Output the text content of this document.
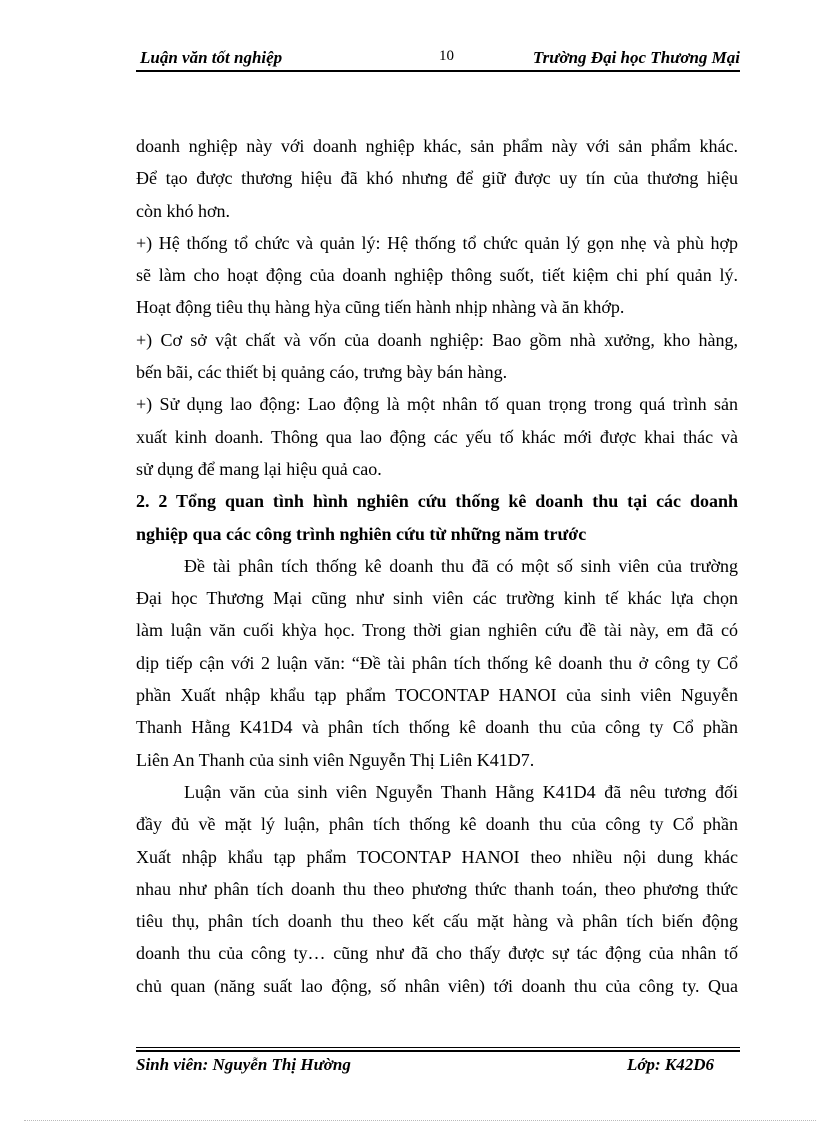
Luận văn tốt nghiệp	10	Trường Đại học Thương Mại
doanh nghiệp này với doanh nghiệp khác, sản phẩm này với sản phẩm khác.
Để tạo được thương hiệu đã khó nhưng để giữ được uy tín của thương hiệu
còn khó hơn.
+) Hệ thống tổ chức và quản lý: Hệ thống tổ chức quản lý gọn nhẹ và phù hợp
sẽ làm cho hoạt động của doanh nghiệp thông suốt, tiết kiệm chi phí quản lý.
Hoạt động tiêu thụ hàng hỳa cũng tiến hành nhịp nhàng và ăn khớp.
+) Cơ sở vật chất và vốn của doanh nghiệp: Bao gồm nhà xưởng, kho hàng,
bến bãi, các thiết bị quảng cáo, trưng bày bán hàng.
+) Sử dụng lao động: Lao động là một nhân tố quan trọng trong quá trình sản
xuất kinh doanh. Thông qua lao động các yếu tố khác mới được khai thác và
sử dụng để mang lại hiệu quả cao.
2. 2 Tổng quan tình hình nghiên cứu thống kê doanh thu tại các doanh
nghiệp qua các công trình nghiên cứu từ những năm trước
Đề tài phân tích thống kê doanh thu đã có một số sinh viên của trường
Đại học Thương Mại cũng như sinh viên các trường kinh tế khác lựa chọn
làm luận văn cuối khỳa học. Trong thời gian nghiên cứu đề tài này, em đã có
dịp tiếp cận với 2 luận văn: “Đề tài phân tích thống kê doanh thu ở công ty Cổ
phần Xuất nhập khẩu tạp phẩm TOCONTAP HANOI của sinh viên Nguyễn
Thanh Hằng K41D4 và phân tích thống kê doanh thu của công ty Cổ phần
Liên An Thanh của sinh viên Nguyễn Thị Liên K41D7.
Luận văn của sinh viên Nguyễn Thanh Hằng K41D4 đã nêu tương đối
đầy đủ về mặt lý luận, phân tích thống kê doanh thu của công ty Cổ phần
Xuất nhập khẩu tạp phẩm TOCONTAP HANOI theo nhiều nội dung khác
nhau như phân tích doanh thu theo phương thức thanh toán, theo phương thức
tiêu thụ, phân tích doanh thu theo kết cấu mặt hàng và phân tích biến động
doanh thu của công ty… cũng như đã cho thấy được sự tác động của nhân tố
chủ quan (năng suất lao động, số nhân viên) tới doanh thu của công ty. Qua
Sinh viên: Nguyễn Thị Hường	Lớp: K42D6
